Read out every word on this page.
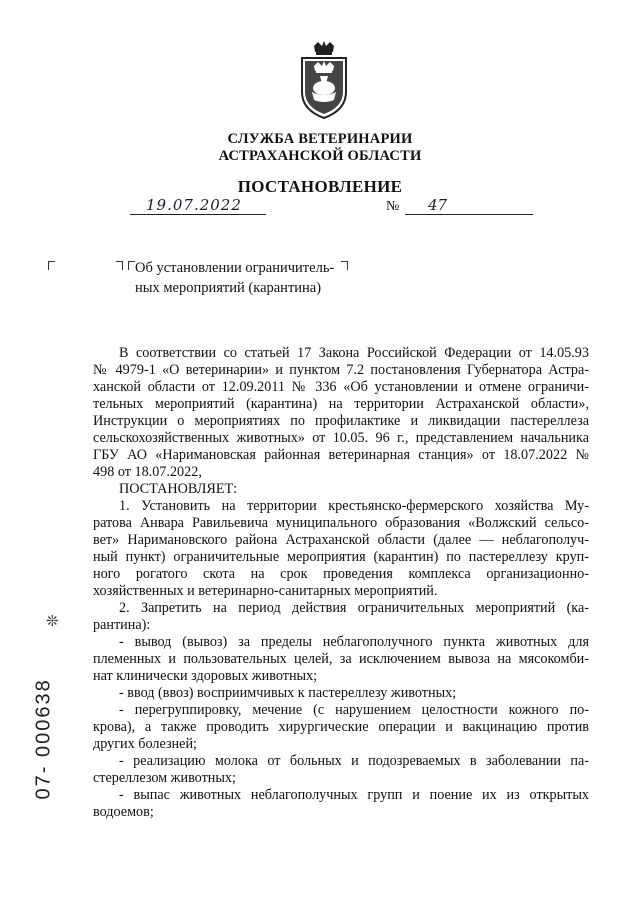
СЛУЖБА ВЕТЕРИНАРИИ
АСТРАХАНСКОЙ ОБЛАСТИ
ПОСТАНОВЛЕНИЕ
19.07.2022	№ 47
Об установлении ограничитель-
ных мероприятий (карантина)

В соответствии со статьей 17 Закона Российской Федерации от 14.05.93

№ 4979-1 «О ветеринарии» и пунктом 7.2 постановления Губернатора Астра-

ханской области от 12.09.2011 № 336 «Об установлении и отмене ограничи-

тельных мероприятий (карантина) на территории Астраханской области»,

Инструкции о мероприятиях по профилактике и ликвидации пастереллеза

сельскохозяйственных животных» от 10.05. 96 г., представлением начальника

ГБУ АО «Наримановская районная ветеринарная станция» от 18.07.2022 №

498 от 18.07.2022,

ПОСТАНОВЛЯЕТ:

1. Установить на территории крестьянско-фермерского хозяйства Му-

ратова Анвара Равильевича муниципального образования «Волжский сельсо-

вет» Наримановского района Астраханской области (далее — неблагополуч-

ный пункт) ограничительные мероприятия (карантин) по пастереллезу круп-

ного рогатого скота на срок проведения комплекса организационно-

хозяйственных и ветеринарно-санитарных мероприятий.

2. Запретить на период действия ограничительных мероприятий (ка-

рантина):

- вывод (вывоз) за пределы неблагополучного пункта животных для

племенных и пользовательных целей, за исключением вывоза на мясокомби-

нат клинически здоровых животных;

- ввод (ввоз) восприимчивых к пастереллезу животных;

- перегруппировку, мечение (с нарушением целостности кожного по-

крова), а также проводить хирургические операции и вакцинацию против

других болезней;

- реализацию молока от больных и подозреваемых в заболевании па-

стереллезом животных;

- выпас животных неблагополучных групп и поение их из открытых

водоемов;

❊
07- 000638
